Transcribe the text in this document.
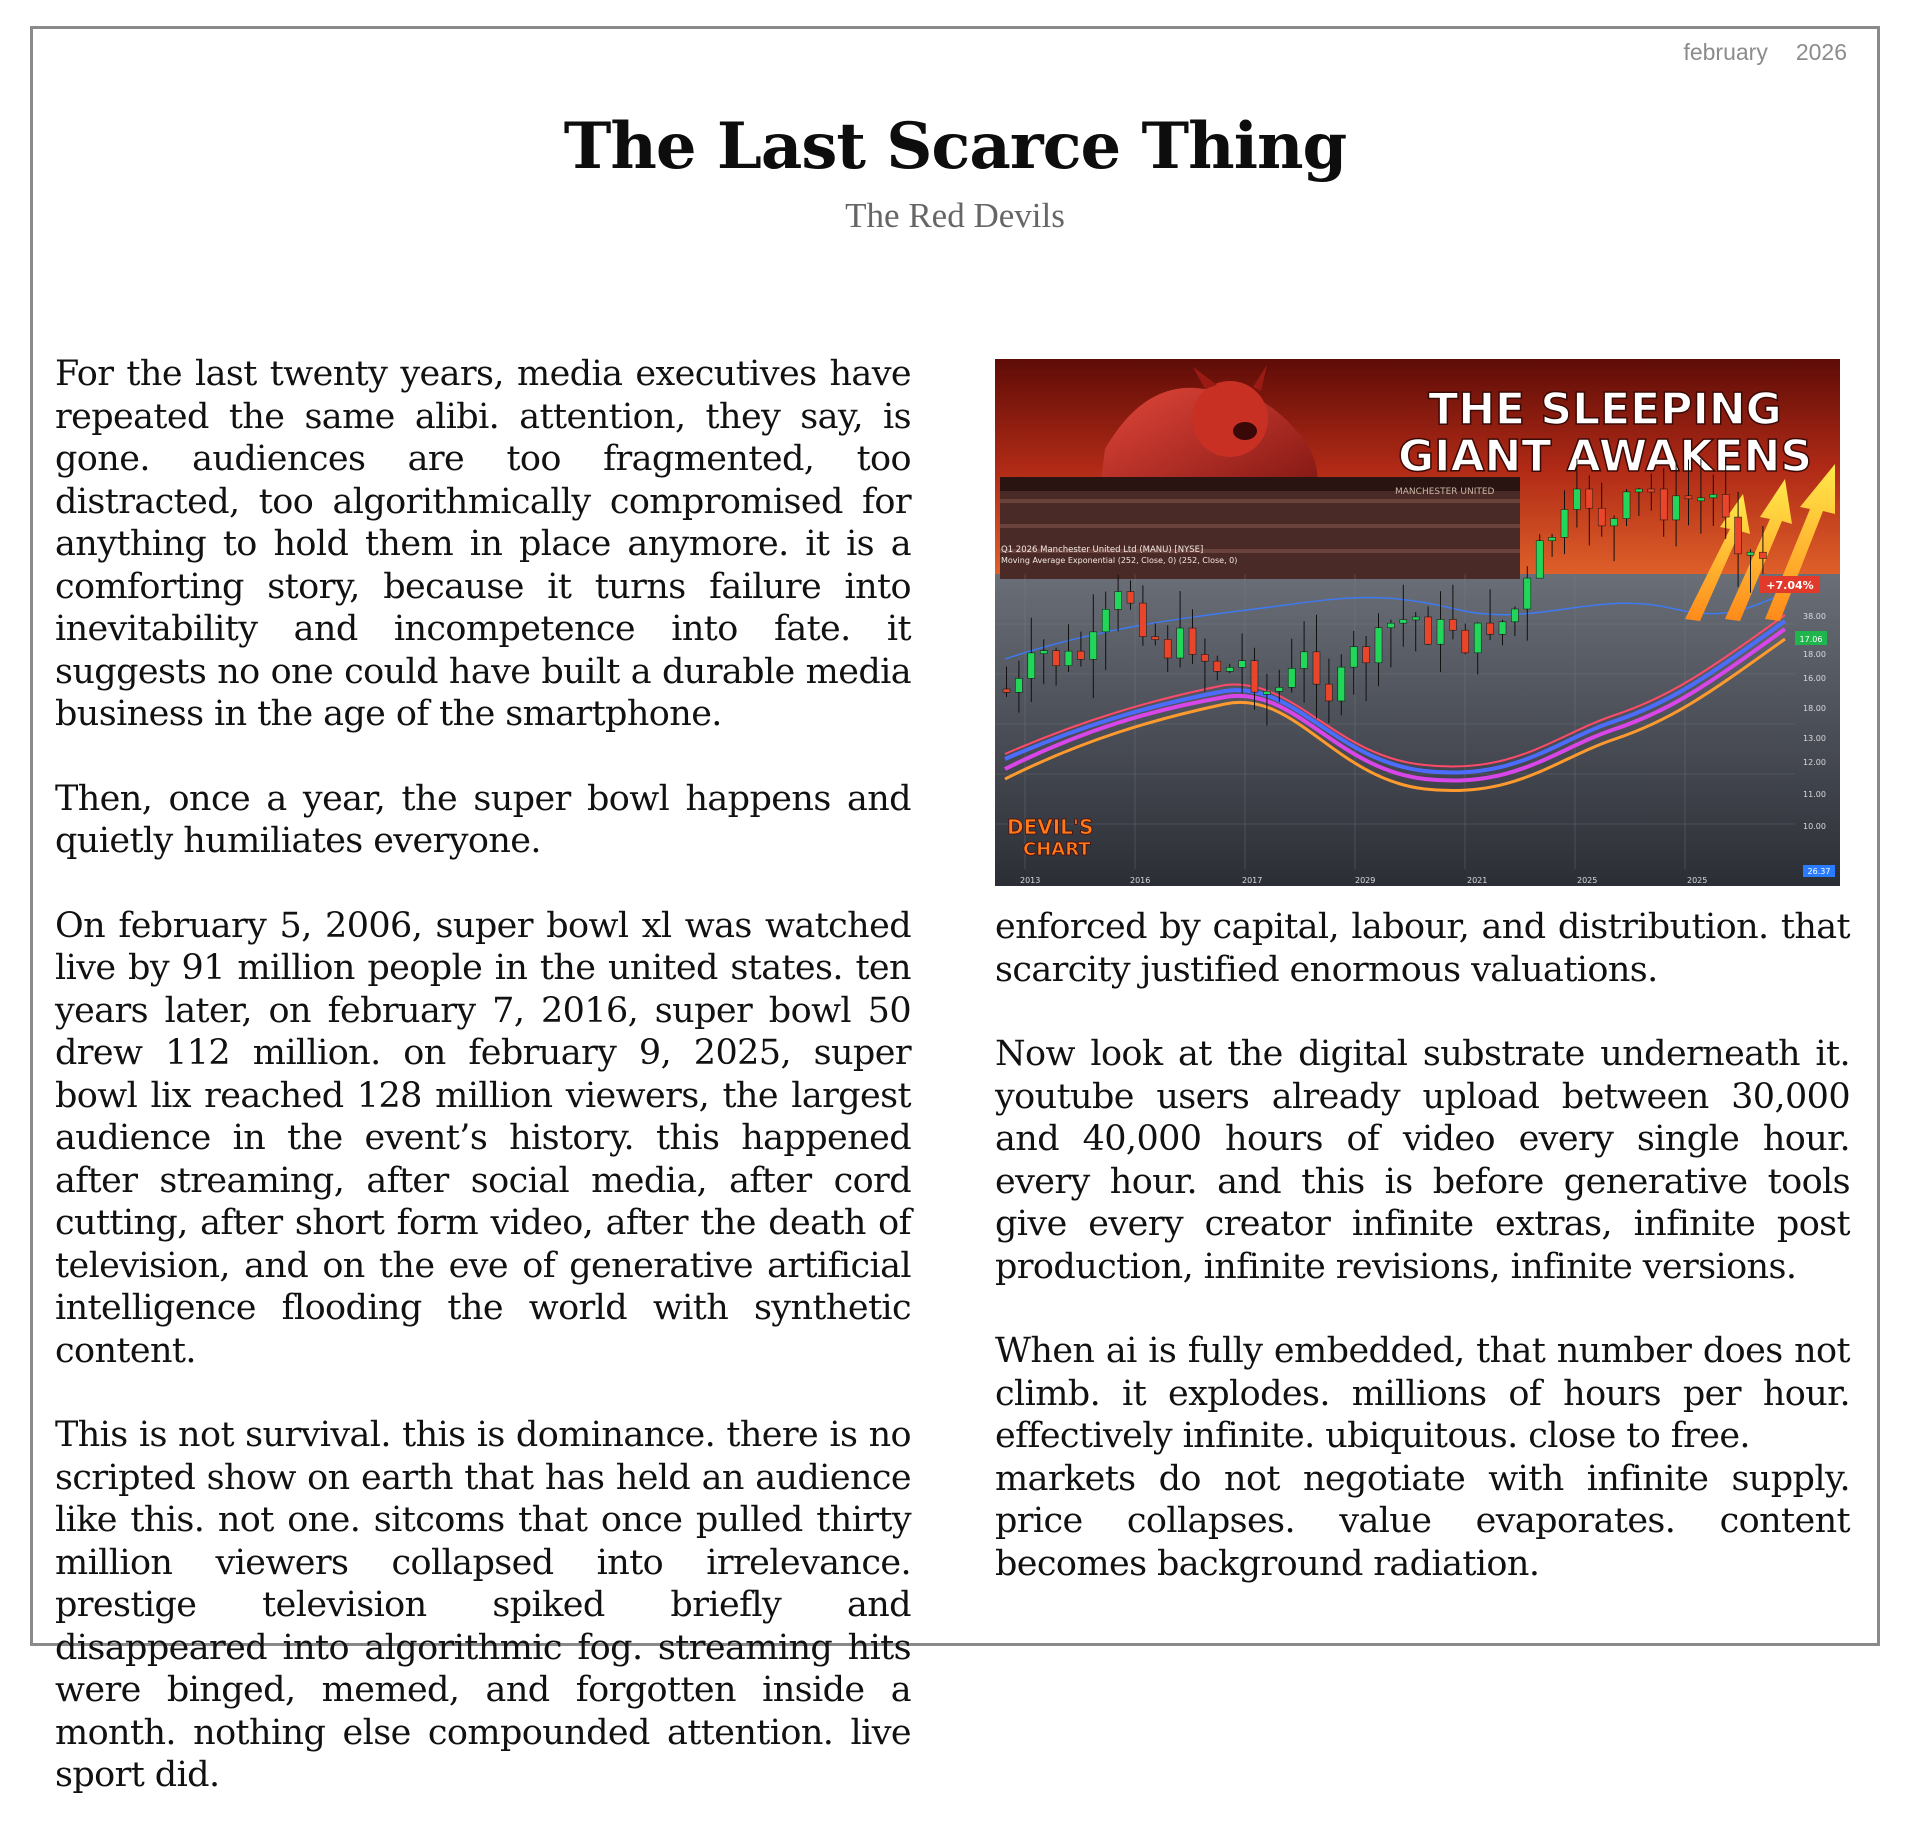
february 2026
The Last Scarce Thing
The Red Devils

For the last twenty years, media executives have repeated the same alibi. attention, they say, is gone. audiences are too fragmented, too distracted, too algorithmically compromised for anything to hold them in place anymore. it is a comforting story, because it turns failure into inevitability and incompetence into fate. it suggests no one could have built a durable media business in the age of the smartphone.

Then, once a year, the super bowl happens and quietly humiliates everyone.

On february 5, 2006, super bowl xl was watched live by 91 million people in the united states. ten years later, on february 7, 2016, super bowl 50 drew 112 million. on february 9, 2025, super bowl lix reached 128 million viewers, the largest audience in the event’s history. this happened after streaming, after social media, after cord cutting, after short form video, after the death of television, and on the eve of generative artificial intelligence flooding the world with synthetic content.

This is not survival. this is dominance. there is no scripted show on earth that has held an audience like this. not one. sitcoms that once pulled thirty million viewers collapsed into irrelevance. prestige television spiked briefly and disappeared into algorithmic fog. streaming hits were binged, memed, and forgotten inside a month. nothing else compounded attention. live sport did.

MANCHESTER UNITED
THE SLEEPING
GIANT AWAKENS
Q1 2026 Manchester United Ltd (MANU) [NYSE]
Moving Average Exponential (252, Close, 0) (252, Close, 0)
DEVIL'S
CHART
+7.04%
17.06
26.37
38.00
18.00
16.00
18.00
13.00
12.00
11.00
10.00
2013	2016	2017	2029	2021	2025	2025

enforced by capital, labour, and distribution. that scarcity justified enormous valuations.

Now look at the digital substrate underneath it. youtube users already upload between 30,000 and 40,000 hours of video every single hour. every hour. and this is before generative tools give every creator infinite extras, infinite post production, infinite revisions, infinite versions.

When ai is fully embedded, that number does not climb. it explodes. millions of hours per hour. effectively infinite. ubiquitous. close to free.

markets do not negotiate with infinite supply. price collapses. value evaporates. content becomes background radiation.
